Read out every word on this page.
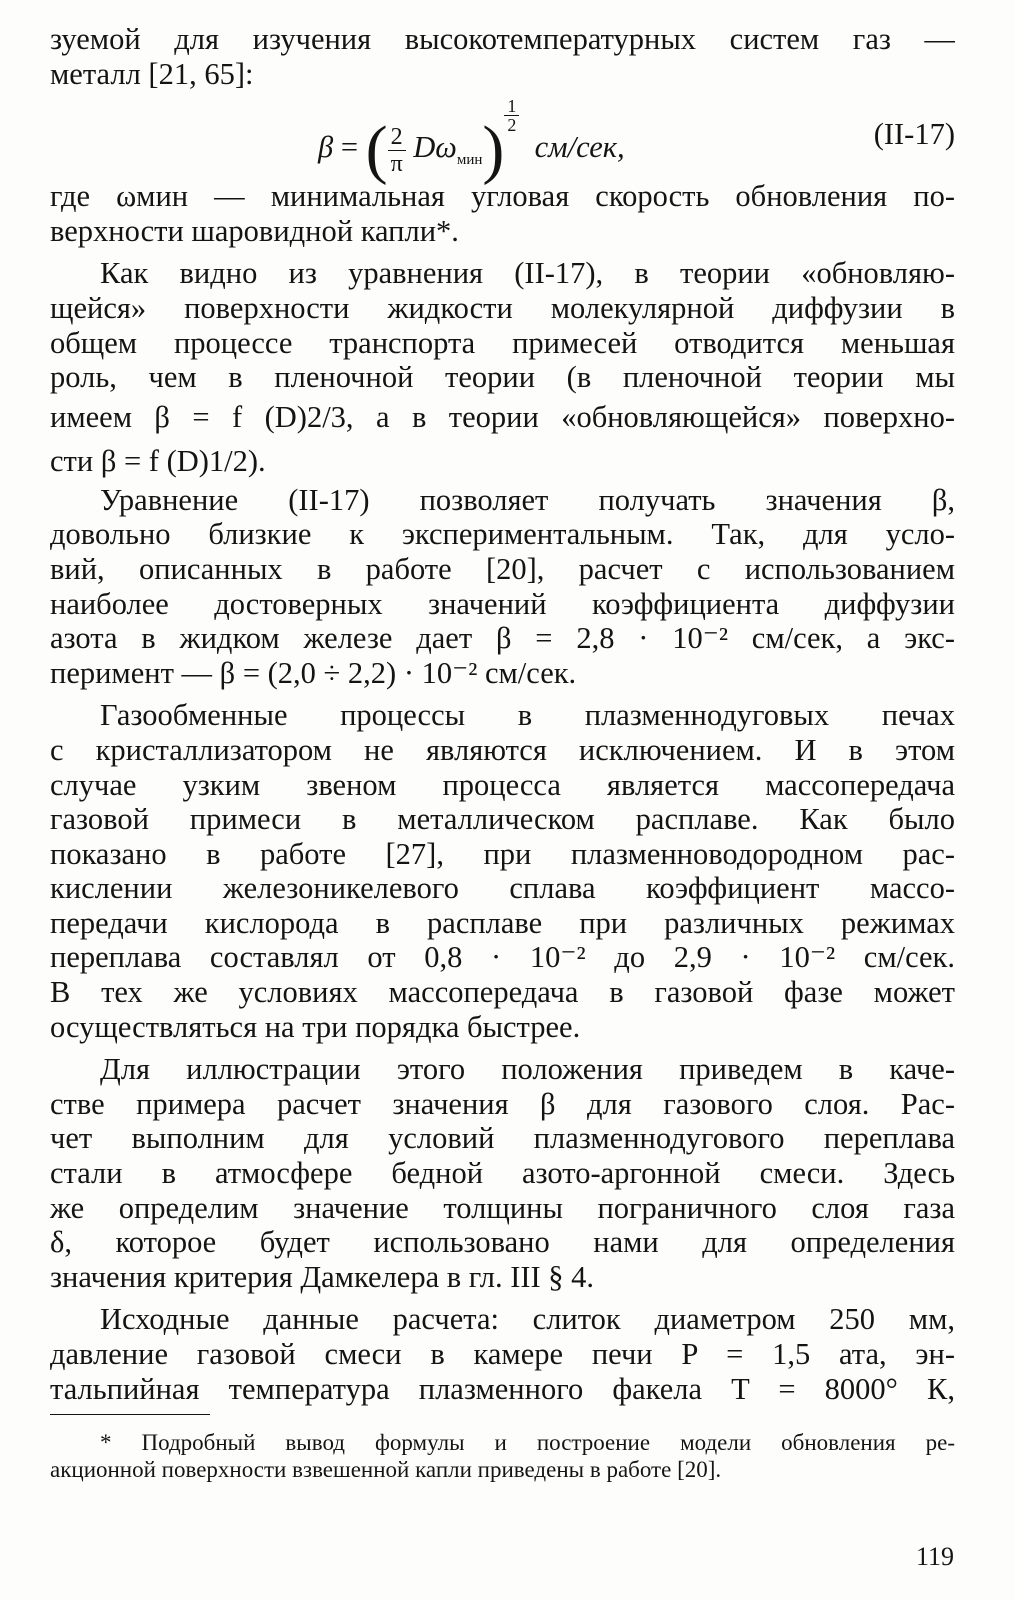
зуемой для изучения высокотемпературных систем газ —
металл [21, 65]:
β = ( $\frac{2}{\pi} D\omega_{мин}) \frac{1}{2}$
см/сек,	(II-17)
где ωмин — минимальная угловая скорость обновления по-
верхности шаровидной капли*.
Как видно из уравнения (II-17), в теории «обновляю-
щейся» поверхности жидкости молекулярной диффузии в
общем процессе транспорта примесей отводится меньшая
роль, чем в пленочной теории (в пленочной теории мы
имеем β = f (D)2/3, а в теории «обновляющейся» поверхно-
сти β = f (D)1/2).
Уравнение (II-17) позволяет получать значения β,
довольно близкие к экспериментальным. Так, для усло-
вий, описанных в работе [20], расчет с использованием
наиболее достоверных значений коэффициента диффузии
азота в жидком железе дает β = 2,8 · 10⁻² см/сек, а экс-
перимент — β = (2,0 ÷ 2,2) · 10⁻² см/сек.
Газообменные процессы в плазменнодуговых печах
с кристаллизатором не являются исключением. И в этом
случае узким звеном процесса является массопередача
газовой примеси в металлическом расплаве. Как было
показано в работе [27], при плазменноводородном рас-
кислении железоникелевого сплава коэффициент массо-
передачи кислорода в расплаве при различных режимах
переплава составлял от 0,8 · 10⁻² до 2,9 · 10⁻² см/сек.
В тех же условиях массопередача в газовой фазе может
осуществляться на три порядка быстрее.
Для иллюстрации этого положения приведем в каче-
стве примера расчет значения β для газового слоя. Рас-
чет выполним для условий плазменнодугового переплава
стали в атмосфере бедной азото-аргонной смеси. Здесь
же определим значение толщины пограничного слоя газа
δ, которое будет использовано нами для определения
значения критерия Дамкелера в гл. III § 4.
Исходные данные расчета: слиток диаметром 250 мм,
давление газовой смеси в камере печи P = 1,5 ата, эн-
тальпийная температура плазменного факела T = 8000° К,
* Подробный вывод формулы и построение модели обновления ре-
акционной поверхности взвешенной капли приведены в работе [20].
119
